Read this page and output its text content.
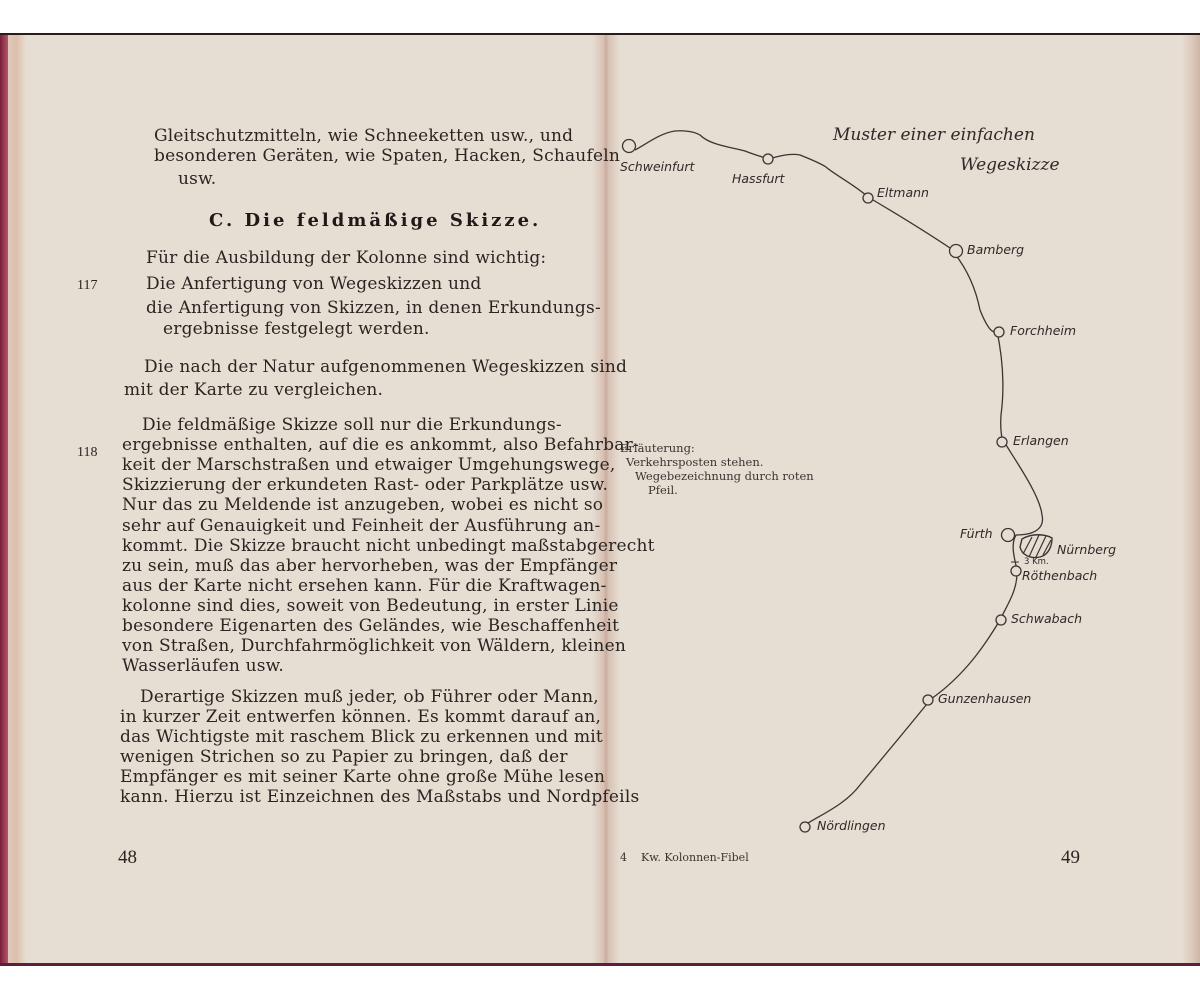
Gleitschutzmitteln, wie Schneeketten usw., und
besonderen Geräten, wie Spaten, Hacken, Schaufeln
usw.
C. Die feldmäßige Skizze.
Für die Ausbildung der Kolonne sind wichtig:
117	Die Anfertigung von Wegeskizzen und
die Anfertigung von Skizzen, in denen Erkundungs-
ergebnisse festgelegt werden.
Die nach der Natur aufgenommenen Wegeskizzen sind
mit der Karte zu vergleichen.
118
Die feldmäßige Skizze soll nur die Erkundungs-
ergebnisse enthalten, auf die es ankommt, also Befahrbar-
keit der Marschstraßen und etwaiger Umgehungswege,
Skizzierung der erkundeten Rast- oder Parkplätze usw.
Nur das zu Meldende ist anzugeben, wobei es nicht so
sehr auf Genauigkeit und Feinheit der Ausführung an-
kommt. Die Skizze braucht nicht unbedingt maßstabgerecht
zu sein, muß das aber hervorheben, was der Empfänger
aus der Karte nicht ersehen kann. Für die Kraftwagen-
kolonne sind dies, soweit von Bedeutung, in erster Linie
besondere Eigenarten des Geländes, wie Beschaffenheit
von Straßen, Durchfahrmöglichkeit von Wäldern, kleinen
Wasserläufen usw.
Derartige Skizzen muß jeder, ob Führer oder Mann,
in kurzer Zeit entwerfen können. Es kommt darauf an,
das Wichtigste mit raschem Blick zu erkennen und mit
wenigen Strichen so zu Papier zu bringen, daß der
Empfänger es mit seiner Karte ohne große Mühe lesen
kann. Hierzu ist Einzeichnen des Maßstabs und Nordpfeils
48
Muster einer einfachen
Wegeskizze
Schweinfurt
Hassfurt
Eltmann
Bamberg
Forchheim
Erlangen
Fürth
Nürnberg
Röthenbach
Schwabach
Gunzenhausen
Nördlingen
3 Km.
Erläuterung:
Verkehrsposten stehen.
Wegebezeichnung durch roten
Pfeil.
4 Kw. Kolonnen-Fibel	49
